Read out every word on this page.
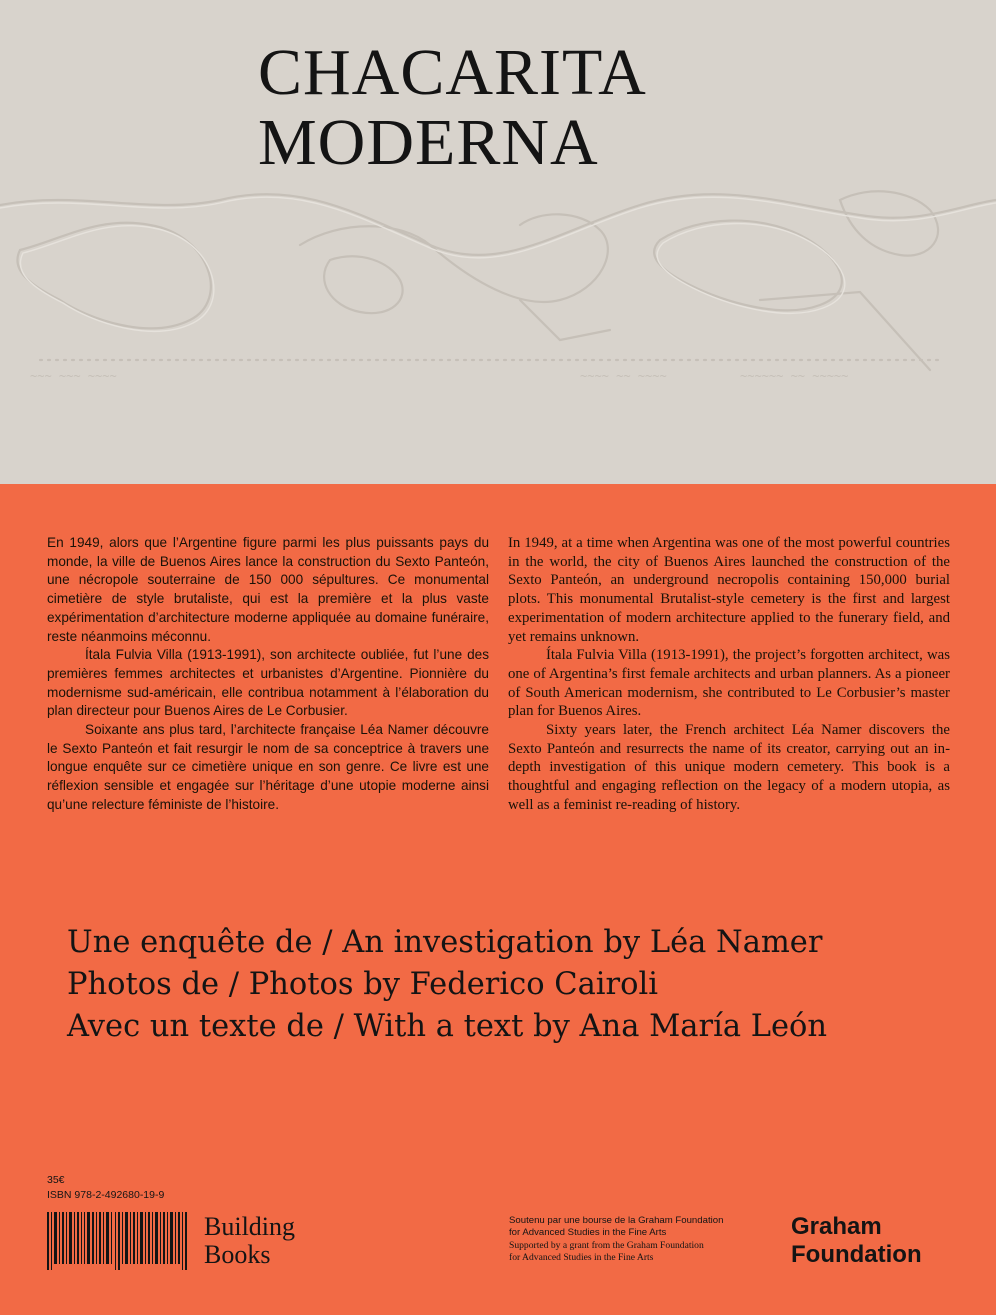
~~~ ~~~ ~~~~	~~~~ ~~ ~~~~	~~~~~~ ~~ ~~~~~
CHACARITA
MODERNA

En 1949, alors que l’Argentine figure parmi les plus puissants pays du monde, la ville de Buenos Aires lance la construction du Sexto Panteón, une nécropole souterraine de 150 000 sépultures. Ce monumental cimetière de style brutaliste, qui est la première et la plus vaste expérimentation d’architecture moderne appliquée au domaine funéraire, reste néanmoins méconnu.

Ítala Fulvia Villa (1913-1991), son architecte oubliée, fut l’une des premières femmes architectes et urbanistes d’Argentine. Pionnière du modernisme sud-américain, elle contribua notamment à l’élaboration du plan directeur pour Buenos Aires de Le Corbusier.

Soixante ans plus tard, l’architecte française Léa Namer découvre le Sexto Panteón et fait resurgir le nom de sa conceptrice à travers une longue enquête sur ce cimetière unique en son genre. Ce livre est une réflexion sensible et engagée sur l’héritage d’une utopie moderne ainsi qu’une relecture féministe de l’histoire.

In 1949, at a time when Argentina was one of the most powerful countries in the world, the city of Buenos Aires launched the construction of the Sexto Panteón, an underground necropolis containing 150,000 burial plots. This monumental Brutalist-style cemetery is the first and largest experimentation of modern architecture applied to the funerary field, and yet remains unknown.

Ítala Fulvia Villa (1913-1991), the project’s forgotten architect, was one of Argentina’s first female architects and urban planners. As a pioneer of South American modernism, she contributed to Le Corbusier’s master plan for Buenos Aires.

Sixty years later, the French architect Léa Namer discovers the Sexto Panteón and resurrects the name of its creator, carrying out an in-depth investigation of this unique modern cemetery. This book is a thoughtful and engaging reflection on the legacy of a modern utopia, as well as a feminist re-reading of history.

Une enquête de / An investigation by Léa Namer
Photos de / Photos by Federico Cairoli
Avec un texte de / With a text by Ana María León
35€
ISBN 978-2-492680-19-9
Building
Books
Soutenu par une bourse de la Graham Foundation
for Advanced Studies in the Fine Arts
Supported by a grant from the Graham Foundation
for Advanced Studies in the Fine Arts
Graham
Foundation
